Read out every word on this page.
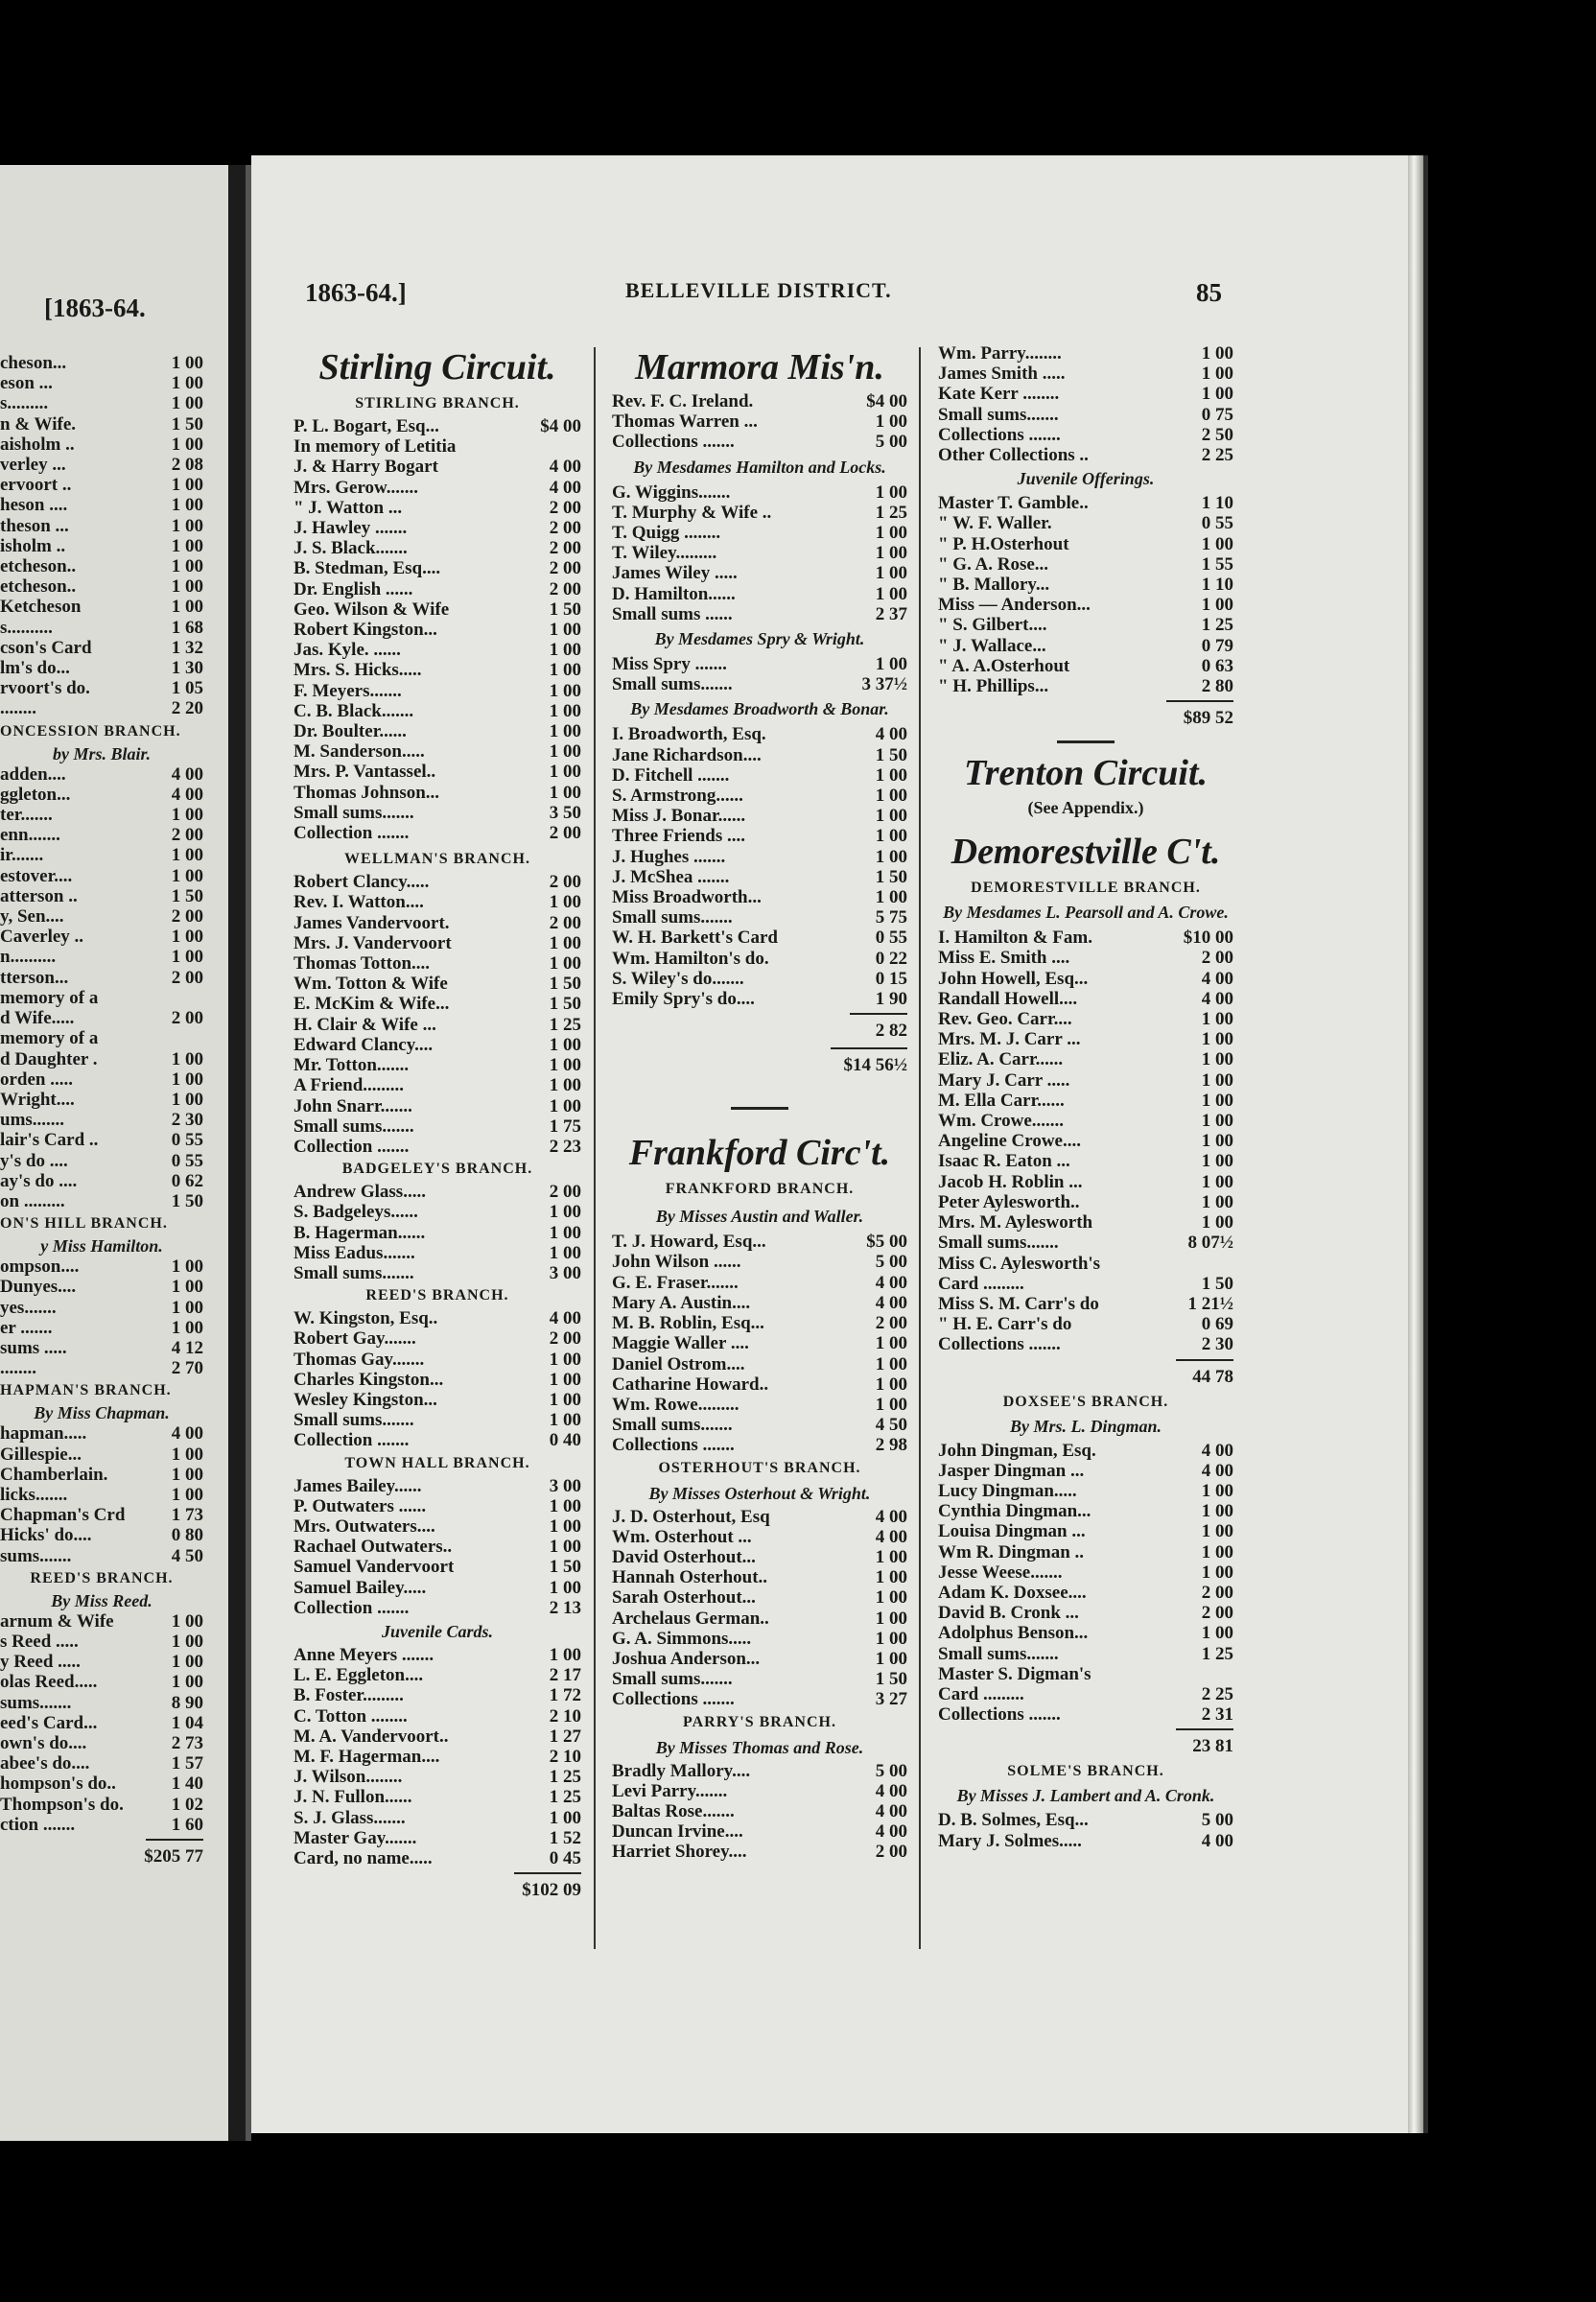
[1863-64.
cheson...	1 00
eson ...	1 00
s.........	1 00
n & Wife.	1 50
aisholm ..	1 00
verley ...	2 08
ervoort ..	1 00
heson ....	1 00
theson ...	1 00
isholm ..	1 00
etcheson..	1 00
etcheson..	1 00
Ketcheson	1 00
s..........	1 68
cson's Card	1 32
lm's do...	1 30
rvoort's do.	1 05
........	2 20
ONCESSION BRANCH.
by Mrs. Blair.
adden....	4 00
ggleton...	4 00
ter.......	1 00
enn.......	2 00
ir.......	1 00
estover....	1 00
atterson ..	1 50
y, Sen....	2 00
Caverley ..	1 00
n..........	1 00
tterson...	2 00
memory of a
d Wife.....	2 00
memory of a
d Daughter .	1 00
orden .....	1 00
Wright....	1 00
ums.......	2 30
lair's Card ..	0 55
y's do ....	0 55
ay's do ....	0 62
on .........	1 50
ON'S HILL BRANCH.
y Miss Hamilton.
ompson....	1 00
Dunyes....	1 00
yes.......	1 00
er .......	1 00
sums .....	4 12
........	2 70
HAPMAN'S BRANCH.
By Miss Chapman.
hapman.....	4 00
Gillespie...	1 00
Chamberlain.	1 00
licks.......	1 00
Chapman's Crd	1 73
Hicks' do....	0 80
sums.......	4 50
REED'S BRANCH.
By Miss Reed.
arnum & Wife	1 00
s Reed .....	1 00
y Reed .....	1 00
olas Reed.....	1 00
sums.......	8 90
eed's Card...	1 04
own's do....	2 73
abee's do....	1 57
hompson's do..	1 40
Thompson's do.	1 02
ction .......	1 60
$205 77
1863-64.]	BELLEVILLE DISTRICT.	85
Stirling Circuit.
STIRLING BRANCH.
P. L. Bogart, Esq...	$4 00
In memory of Letitia
J. & Harry Bogart	4 00
Mrs. Gerow.......	4 00
" J. Watton ...	2 00
J. Hawley .......	2 00
J. S. Black.......	2 00
B. Stedman, Esq....	2 00
Dr. English ......	2 00
Geo. Wilson & Wife	1 50
Robert Kingston...	1 00
Jas. Kyle. ......	1 00
Mrs. S. Hicks.....	1 00
F. Meyers.......	1 00
C. B. Black.......	1 00
Dr. Boulter......	1 00
M. Sanderson.....	1 00
Mrs. P. Vantassel..	1 00
Thomas Johnson...	1 00
Small sums.......	3 50
Collection .......	2 00
WELLMAN'S BRANCH.
Robert Clancy.....	2 00
Rev. I. Watton....	1 00
James Vandervoort.	2 00
Mrs. J. Vandervoort	1 00
Thomas Totton....	1 00
Wm. Totton & Wife	1 50
E. McKim & Wife...	1 50
H. Clair & Wife ...	1 25
Edward Clancy....	1 00
Mr. Totton.......	1 00
A Friend.........	1 00
John Snarr.......	1 00
Small sums.......	1 75
Collection .......	2 23
BADGELEY'S BRANCH.
Andrew Glass.....	2 00
S. Badgeleys......	1 00
B. Hagerman......	1 00
Miss Eadus.......	1 00
Small sums.......	3 00
REED'S BRANCH.
W. Kingston, Esq..	4 00
Robert Gay.......	2 00
Thomas Gay.......	1 00
Charles Kingston...	1 00
Wesley Kingston...	1 00
Small sums.......	1 00
Collection .......	0 40
TOWN HALL BRANCH.
James Bailey......	3 00
P. Outwaters ......	1 00
Mrs. Outwaters....	1 00
Rachael Outwaters..	1 00
Samuel Vandervoort	1 50
Samuel Bailey.....	1 00
Collection .......	2 13
Juvenile Cards.
Anne Meyers .......	1 00
L. E. Eggleton....	2 17
B. Foster.........	1 72
C. Totton ........	2 10
M. A. Vandervoort..	1 27
M. F. Hagerman....	2 10
J. Wilson........	1 25
J. N. Fullon......	1 25
S. J. Glass.......	1 00
Master Gay.......	1 52
Card, no name.....	0 45
$102 09
Marmora Mis'n.
Rev. F. C. Ireland.	$4 00
Thomas Warren ...	1 00
Collections .......	5 00
By Mesdames Hamilton and Locks.
G. Wiggins.......	1 00
T. Murphy & Wife ..	1 25
T. Quigg ........	1 00
T. Wiley.........	1 00
James Wiley .....	1 00
D. Hamilton......	1 00
Small sums ......	2 37
By Mesdames Spry & Wright.
Miss Spry .......	1 00
Small sums.......	3 37½
By Mesdames Broadworth & Bonar.
I. Broadworth, Esq.	4 00
Jane Richardson....	1 50
D. Fitchell .......	1 00
S. Armstrong......	1 00
Miss J. Bonar......	1 00
Three Friends ....	1 00
J. Hughes .......	1 00
J. McShea .......	1 50
Miss Broadworth...	1 00
Small sums.......	5 75
W. H. Barkett's Card	0 55
Wm. Hamilton's do.	0 22
S. Wiley's do.......	0 15
Emily Spry's do....	1 90
2 82
$14 56½
Frankford Circ't.
FRANKFORD BRANCH.
By Misses Austin and Waller.
T. J. Howard, Esq...	$5 00
John Wilson ......	5 00
G. E. Fraser.......	4 00
Mary A. Austin....	4 00
M. B. Roblin, Esq...	2 00
Maggie Waller ....	1 00
Daniel Ostrom....	1 00
Catharine Howard..	1 00
Wm. Rowe.........	1 00
Small sums.......	4 50
Collections .......	2 98
OSTERHOUT'S BRANCH.
By Misses Osterhout & Wright.
J. D. Osterhout, Esq	4 00
Wm. Osterhout ...	4 00
David Osterhout...	1 00
Hannah Osterhout..	1 00
Sarah Osterhout...	1 00
Archelaus German..	1 00
G. A. Simmons.....	1 00
Joshua Anderson...	1 00
Small sums.......	1 50
Collections .......	3 27
PARRY'S BRANCH.
By Misses Thomas and Rose.
Bradly Mallory....	5 00
Levi Parry.......	4 00
Baltas Rose.......	4 00
Duncan Irvine....	4 00
Harriet Shorey....	2 00
Wm. Parry........	1 00
James Smith .....	1 00
Kate Kerr ........	1 00
Small sums.......	0 75
Collections .......	2 50
Other Collections ..	2 25
Juvenile Offerings.
Master T. Gamble..	1 10
" W. F. Waller.	0 55
" P. H.Osterhout	1 00
" G. A. Rose...	1 55
" B. Mallory...	1 10
Miss — Anderson...	1 00
" S. Gilbert....	1 25
" J. Wallace...	0 79
" A. A.Osterhout	0 63
" H. Phillips...	2 80
$89 52
Trenton Circuit.
(See Appendix.)
Demorestville C't.
DEMORESTVILLE BRANCH.
By Mesdames L. Pearsoll and A. Crowe.
I. Hamilton & Fam.	$10 00
Miss E. Smith ....	2 00
John Howell, Esq...	4 00
Randall Howell....	4 00
Rev. Geo. Carr....	1 00
Mrs. M. J. Carr ...	1 00
Eliz. A. Carr......	1 00
Mary J. Carr .....	1 00
M. Ella Carr......	1 00
Wm. Crowe.......	1 00
Angeline Crowe....	1 00
Isaac R. Eaton ...	1 00
Jacob H. Roblin ...	1 00
Peter Aylesworth..	1 00
Mrs. M. Aylesworth	1 00
Small sums.......	8 07½
Miss C. Aylesworth's
Card .........	1 50
Miss S. M. Carr's do	1 21½
" H. E. Carr's do	0 69
Collections .......	2 30
44 78
DOXSEE'S BRANCH.
By Mrs. L. Dingman.
John Dingman, Esq.	4 00
Jasper Dingman ...	4 00
Lucy Dingman.....	1 00
Cynthia Dingman...	1 00
Louisa Dingman ...	1 00
Wm R. Dingman ..	1 00
Jesse Weese.......	1 00
Adam K. Doxsee....	2 00
David B. Cronk ...	2 00
Adolphus Benson...	1 00
Small sums.......	1 25
Master S. Digman's
Card .........	2 25
Collections .......	2 31
23 81
SOLME'S BRANCH.
By Misses J. Lambert and A. Cronk.
D. B. Solmes, Esq...	5 00
Mary J. Solmes.....	4 00
